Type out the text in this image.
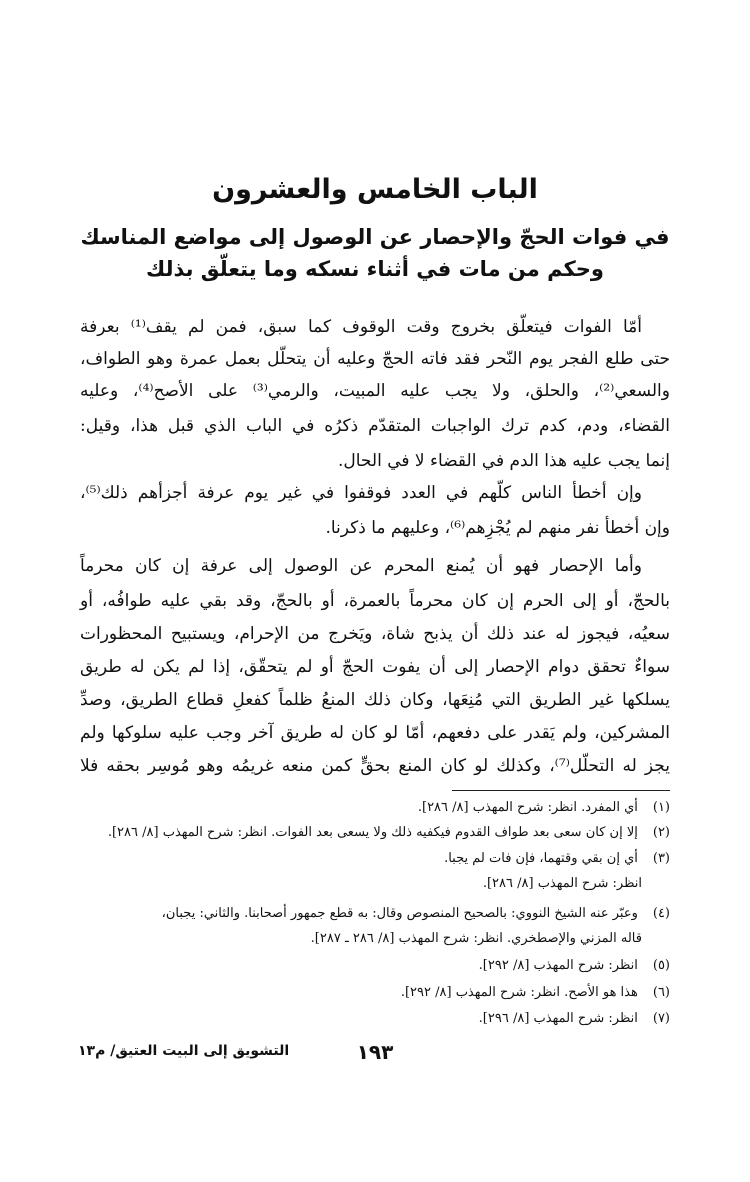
الباب الخامس والعشرون
في فوات الحجّ والإحصار عن الوصول إلى مواضع المناسك
وحكم من مات في أثناء نسكه وما يتعلّق بذلك
أمّا الفوات فيتعلّق بخروج وقت الوقوف كما سبق، فمن لم يقف⁽¹⁾ بعرفة
حتى طلع الفجر يوم النّحر فقد فاته الحجّ وعليه أن يتحلّل بعمل عمرة وهو الطواف،
والسعي⁽²⁾، والحلق، ولا يجب عليه المبيت، والرمي⁽³⁾ على الأصح⁽⁴⁾، وعليه
القضاء، ودم، كدم ترك الواجبات المتقدّم ذكرُه في الباب الذي قبل هذا، وقيل:
إنما يجب عليه هذا الدم في القضاء لا في الحال.
وإن أخطأ الناس كلّهم في العدد فوقفوا في غير يوم عرفة أجزأهم ذلك⁽⁵⁾،
وإن أخطأ نفر منهم لم يُجْزِهم⁽⁶⁾، وعليهم ما ذكرنا.
وأما الإحصار فهو أن يُمنع المحرم عن الوصول إلى عرفة إن كان محرماً
بالحجّ، أو إلى الحرم إن كان محرماً بالعمرة، أو بالحجّ، وقد بقي عليه طوافُه، أو
سعيُه، فيجوز له عند ذلك أن يذبح شاة، ويَخرج من الإحرام، ويستبيح المحظورات
سواءٌ تحقق دوام الإحصار إلى أن يفوت الحجّ أو لم يتحقّق، إذا لم يكن له طريق
يسلكها غير الطريق التي مُنِعَها، وكان ذلك المنعُ ظلماً كفعلِ قطاع الطريق، وصدِّ
المشركين، ولم يَقدر على دفعهم، أمّا لو كان له طريق آخر وجب عليه سلوكها ولم
يجز له التحلّل⁽⁷⁾، وكذلك لو كان المنع بحقٍّ كمن منعه غريمُه وهو مُوسِر بحقه فلا
(١) أي المفرد. انظر: شرح المهذب [٨/ ٢٨٦].
(٢) إلا إن كان سعى بعد طواف القدوم فيكفيه ذلك ولا يسعى بعد الفوات. انظر: شرح المهذب [٨/ ٢٨٦].
(٣) أي إن بقي وقتهما، فإن فات لم يجبا.
انظر: شرح المهذب [٨/ ٢٨٦].
(٤) وعبّر عنه الشيخ النووي: بالصحيح المنصوص وقال: به قطع جمهور أصحابنا. والثاني: يجبان،
قاله المزني والإصطخري. انظر: شرح المهذب [٨/ ٢٨٦ ـ ٢٨٧].
(٥) انظر: شرح المهذب [٨/ ٢٩٢].
(٦) هذا هو الأصح. انظر: شرح المهذب [٨/ ٢٩٢].
(٧) انظر: شرح المهذب [٨/ ٢٩٦].
١٩٣
التشويق إلى البيت العتيق/ م١٣
